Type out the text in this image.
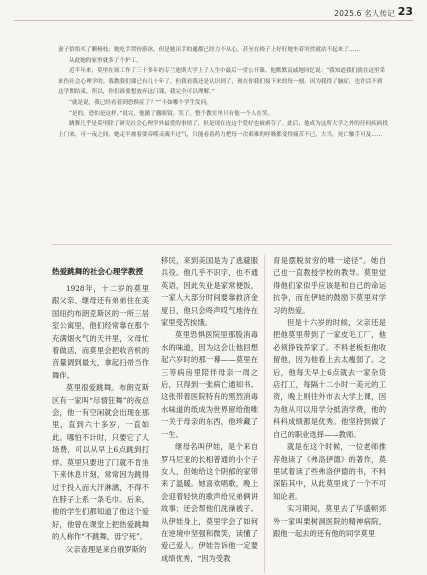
2025.6 名人传记 23

妻子恰恰买了颗榜枝；她吃手贸扮游冰，但是她出手的邀都已经力不从心，甚至在椅子上好好地坐着突然就站不起来了……

从此她的家里就多了个护工。

近半年来，莫里在领工作了三十多年的专兰迪斯大学上了人生中最后一堂公开课。他默默哀戚地回忆说：“我知道我们就在这里采来伤社会心理学的。我教我们课已有几十年了，但我看我还是认识到了，现在你我们接下来的每一刻，因为我得了脑症，也许活不到这学期结束。所以，你们谁要想放弃这门课，我完全可以理解。”

“就是说，我已经看着到恐惧症了？”“不如哪个学生发问。

“是的，恐怕是这样，”说完，他撤了撤眼镜。笑了。整个教室里只有他一个人在笑。

跳舞几乎是莫里除了研究社会心理学外最爱的事情了，但是现在连这个爱好也被剥夺了。此后，他成为这所大学之外的任何疾病找上门来，可一夜之间，她走半被着要吞噬灵魂不过气，只能看着药力把每一次艰难的呼吸都变得痛苦不已，大当，死亡触手可及……

热爱跳舞的社会心理学教授

1928年，十二岁的莫里跟父亲、继母还有弟弟住在美国纽约布朗克斯区的一所三居室公寓里，他们经常靠在那个充满烟火气的天井里，父母忙着做活，而莫里会把收音机的音量调到最大，拿起扫帚当作舞伴。

莫里很爱跳舞。布朗克斯区有一家叫“尽情狂舞”的夜总会，他一有空闲就会出现在那里，直到六十多岁，一直如此。哪怕不计时，只要它了人场费，可以从早上6点跳到打烊。莫里只要进了门就不肯坐下来休息片刻，常常因为跳得过于投入而大汗淋漓，不得不在脖子上系一条毛巾。后来，他的学生们都知道了他这个爱好，他曾在课堂上把热爱跳舞的人称作“不跳舞，毋宁死”。

父亲查理是来自俄罗斯的

移民，来到美国是为了逃避服兵役。他几乎不识字，也不通英语，因此失业是家常便饭，一家人大部分时间要靠救济金度日，他只会咚声哎气地待在家里受苦挨饿。

莫里恐惧医院里那股消毒水的味道，因为这会让他回想起六岁时的那一幕——莫里在三等病房里陪伴母亲一周之后，只得到一张病亡通知书。这张带着医院特有的黑烈消毒水味道的纸成为世界留给他唯一关于母亲的东西，他珍藏了一生。

继母名叫伊娃，是个来自罗马尼亚的长相普通的小个子女人，但她给这个阴郁的家带来了温暖。她喜欢唱歌，晚上会迎着轻快的歌声给兄弟俩讲故事；还会帮他们洗澡被子。从伊娃身上，莫里学会了如何在逆境中坚强和微笑，读懂了爱己爱人。伊娃告诉他一定要成绩优秀，“因为受教

育是摆脱贫穷的唯一途径”。她自己也一直教授学校的教导。莫里觉得他们家似乎应该是和自己的命运抗争，而在伊娃的鼓励下莫里对学习的热爱。

但是十六岁的时候，父亲还是把他莫里带到了一家皮毛工厂，他必须挣钱养家了。不料老板拒他收留他，因为他看上去太瘦弱了。之后，他每天早上6点就去一家杂货店打工，每隔十二小时一美元的工资，晚上则往外市去大学上课，因为他从可以用学分抵消学费，他的科科成绩都是优秀。他坚持到做了自己的职业选择——教师。

就是在这个时候，一位老师推荐他读了《弗洛伊德》的著作，莫里试着读了些弗洛伊德的书，不料深陷其中，从此莫里成了一个不可知论者。

实习期间，莫里去了华盛顿郊外一家叫栗树洞医院的精神病院，跟他一起去的还有他的同学莫里
